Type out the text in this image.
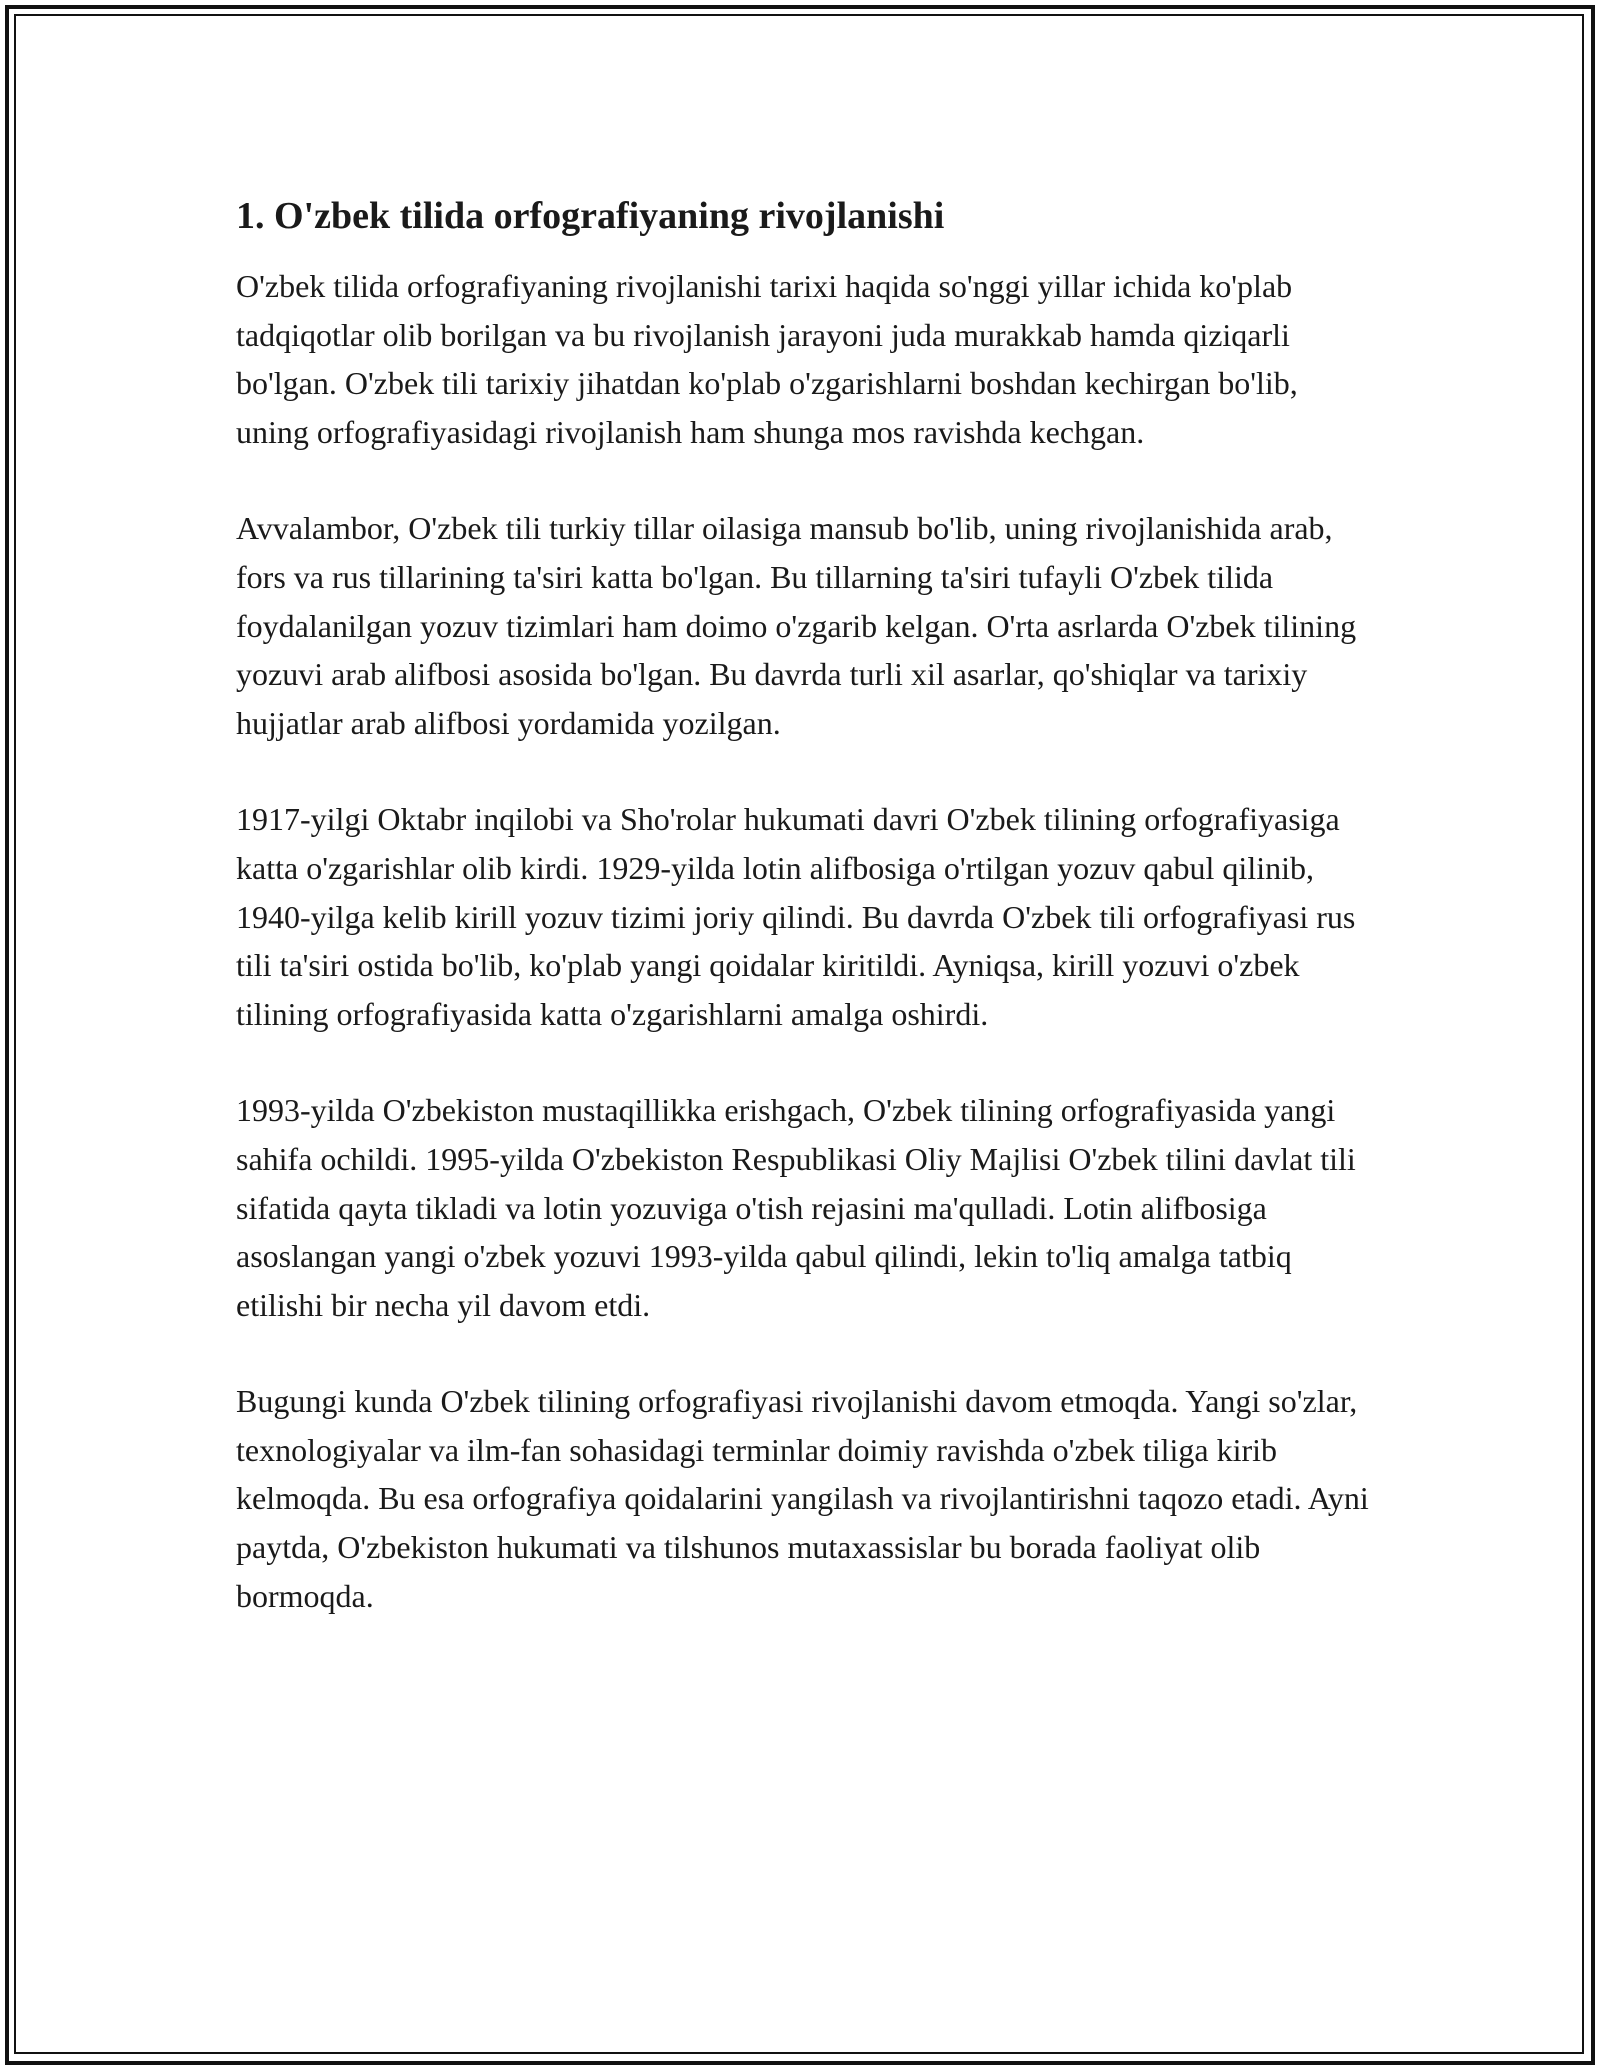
1. O'zbek tilida orfografiyaning rivojlanishi

O'zbek tilida orfografiyaning rivojlanishi tarixi haqida so'nggi yillar ichida ko'plab tadqiqotlar olib borilgan va bu rivojlanish jarayoni juda murakkab hamda qiziqarli bo'lgan. O'zbek tili tarixiy jihatdan ko'plab o'zgarishlarni boshdan kechirgan bo'lib, uning orfografiyasidagi rivojlanish ham shunga mos ravishda kechgan.

Avvalambor, O'zbek tili turkiy tillar oilasiga mansub bo'lib, uning rivojlanishida arab, fors va rus tillarining ta'siri katta bo'lgan. Bu tillarning ta'siri tufayli O'zbek tilida foydalanilgan yozuv tizimlari ham doimo o'zgarib kelgan. O'rta asrlarda O'zbek tilining yozuvi arab alifbosi asosida bo'lgan. Bu davrda turli xil asarlar, qo'shiqlar va tarixiy hujjatlar arab alifbosi yordamida yozilgan.

1917-yilgi Oktabr inqilobi va Sho'rolar hukumati davri O'zbek tilining orfografiyasiga katta o'zgarishlar olib kirdi. 1929-yilda lotin alifbosiga o'rtilgan yozuv qabul qilinib, 1940-yilga kelib kirill yozuv tizimi joriy qilindi. Bu davrda O'zbek tili orfografiyasi rus tili ta'siri ostida bo'lib, ko'plab yangi qoidalar kiritildi. Ayniqsa, kirill yozuvi o'zbek tilining orfografiyasida katta o'zgarishlarni amalga oshirdi.

1993-yilda O'zbekiston mustaqillikka erishgach, O'zbek tilining orfografiyasida yangi sahifa ochildi. 1995-yilda O'zbekiston Respublikasi Oliy Majlisi O'zbek tilini davlat tili sifatida qayta tikladi va lotin yozuviga o'tish rejasini ma'qulladi. Lotin alifbosiga asoslangan yangi o'zbek yozuvi 1993-yilda qabul qilindi, lekin to'liq amalga tatbiq etilishi bir necha yil davom etdi.

Bugungi kunda O'zbek tilining orfografiyasi rivojlanishi davom etmoqda. Yangi so'zlar, texnologiyalar va ilm-fan sohasidagi terminlar doimiy ravishda o'zbek tiliga kirib kelmoqda. Bu esa orfografiya qoidalarini yangilash va rivojlantirishni taqozo etadi. Ayni paytda, O'zbekiston hukumati va tilshunos mutaxassislar bu borada faoliyat olib bormoqda.
